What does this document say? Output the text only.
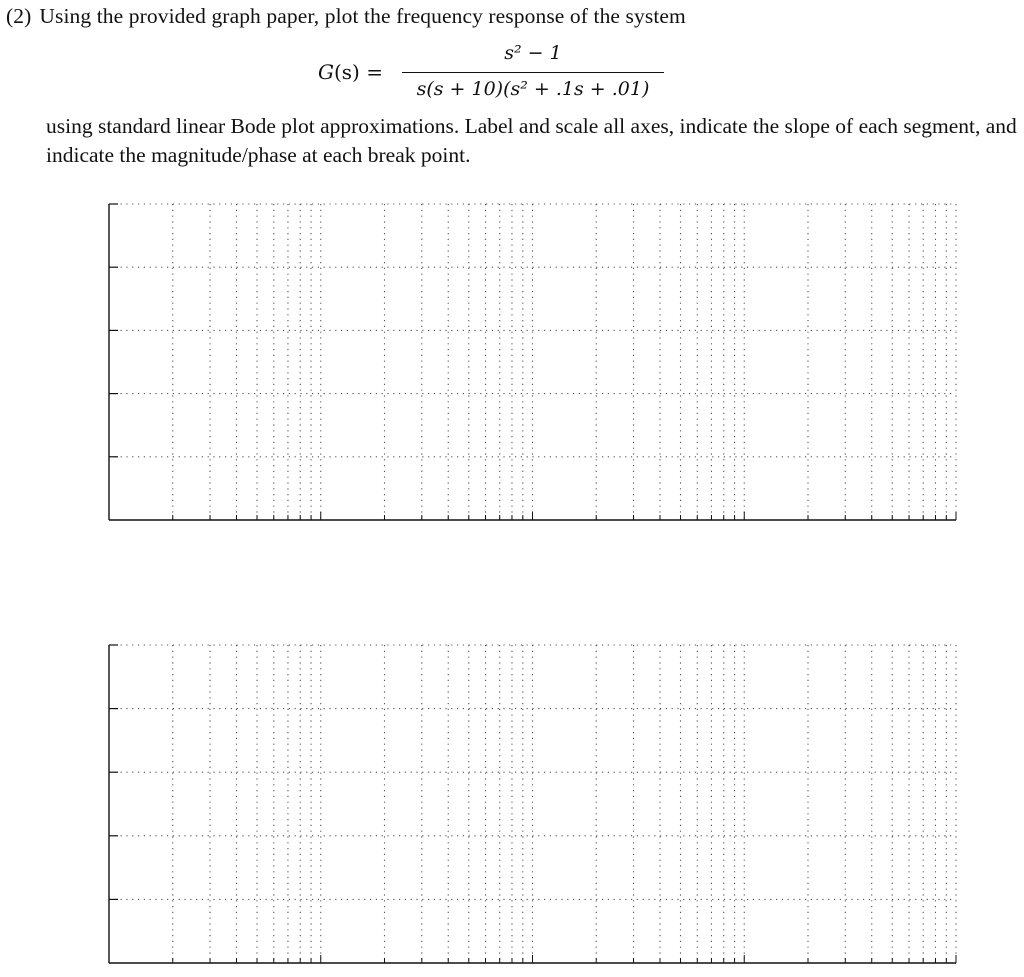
(2) Using the provided graph paper, plot the frequency response of the system
G(s) =
s² − 1
s(s + 10)(s² + .1s + .01)
using standard linear Bode plot approximations. Label and scale all axes, indicate the slope of each segment, and indicate the magnitude/phase at each break point.
